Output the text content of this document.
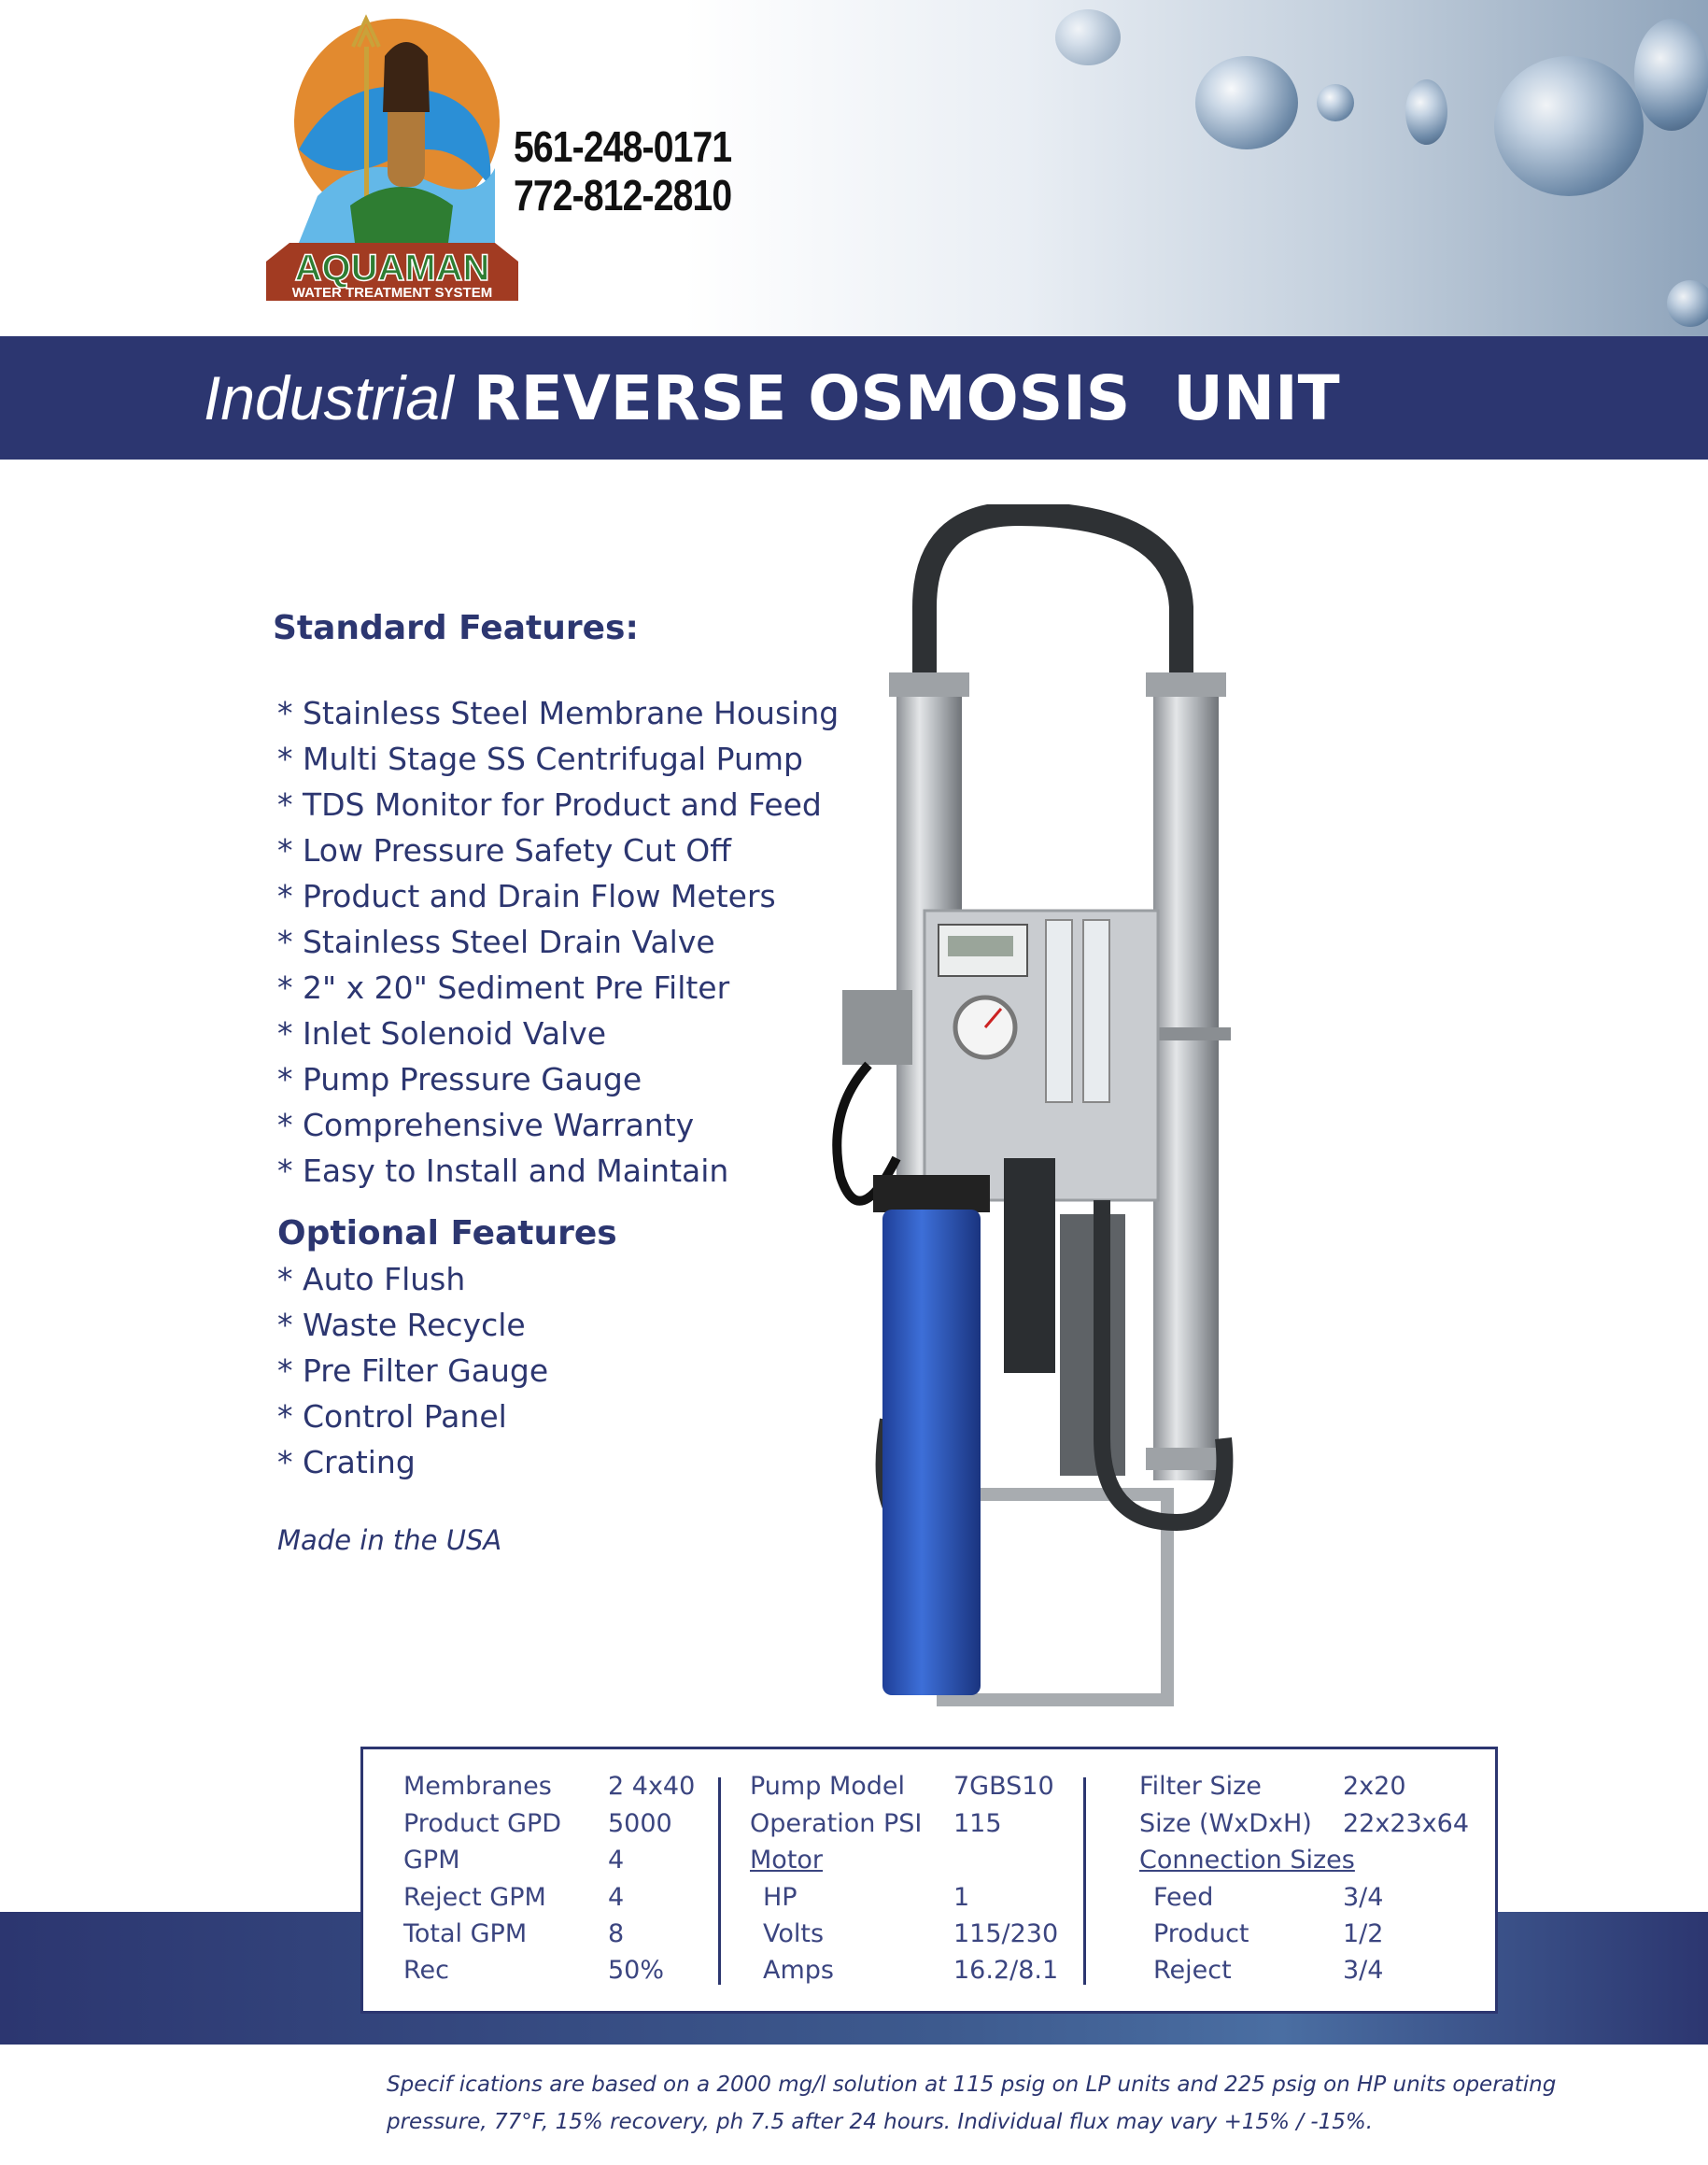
AQUAMAN
WATER TREATMENT SYSTEM
561-248-0171
772-812-2810
Industrial REVERSE OSMOSIS  UNIT
Standard Features:
* Stainless Steel Membrane Housing
* Multi Stage SS Centrifugal Pump
* TDS Monitor for Product and Feed
* Low Pressure Safety Cut Off
* Product and Drain Flow Meters
* Stainless Steel Drain Valve
* 2" x 20" Sediment Pre Filter
* Inlet Solenoid Valve
* Pump Pressure Gauge
* Comprehensive Warranty
* Easy to Install and Maintain
Optional Features
* Auto Flush
* Waste Recycle
* Pre Filter Gauge
* Control Panel
* Crating
Made in the USA
Membranes 2 4x40
Product GPD 5000
GPM	4
Reject GPM 4
Total GPM	8
Rec	50%
Pump Model 7GBS10
Operation PSI 115
Motor
HP	1
Volts	115/230
Amps	16.2/8.1
Filter Size	2x20
Size (WxDxH) 22x23x64
Connection Sizes
Feed	3/4
Product	1/2
Reject	3/4
Specif ications are based on a 2000 mg/l solution at 115 psig on LP units and 225 psig on HP units operating
pressure, 77°F, 15% recovery, ph 7.5 after 24 hours. Individual flux may vary +15% / -15%.
